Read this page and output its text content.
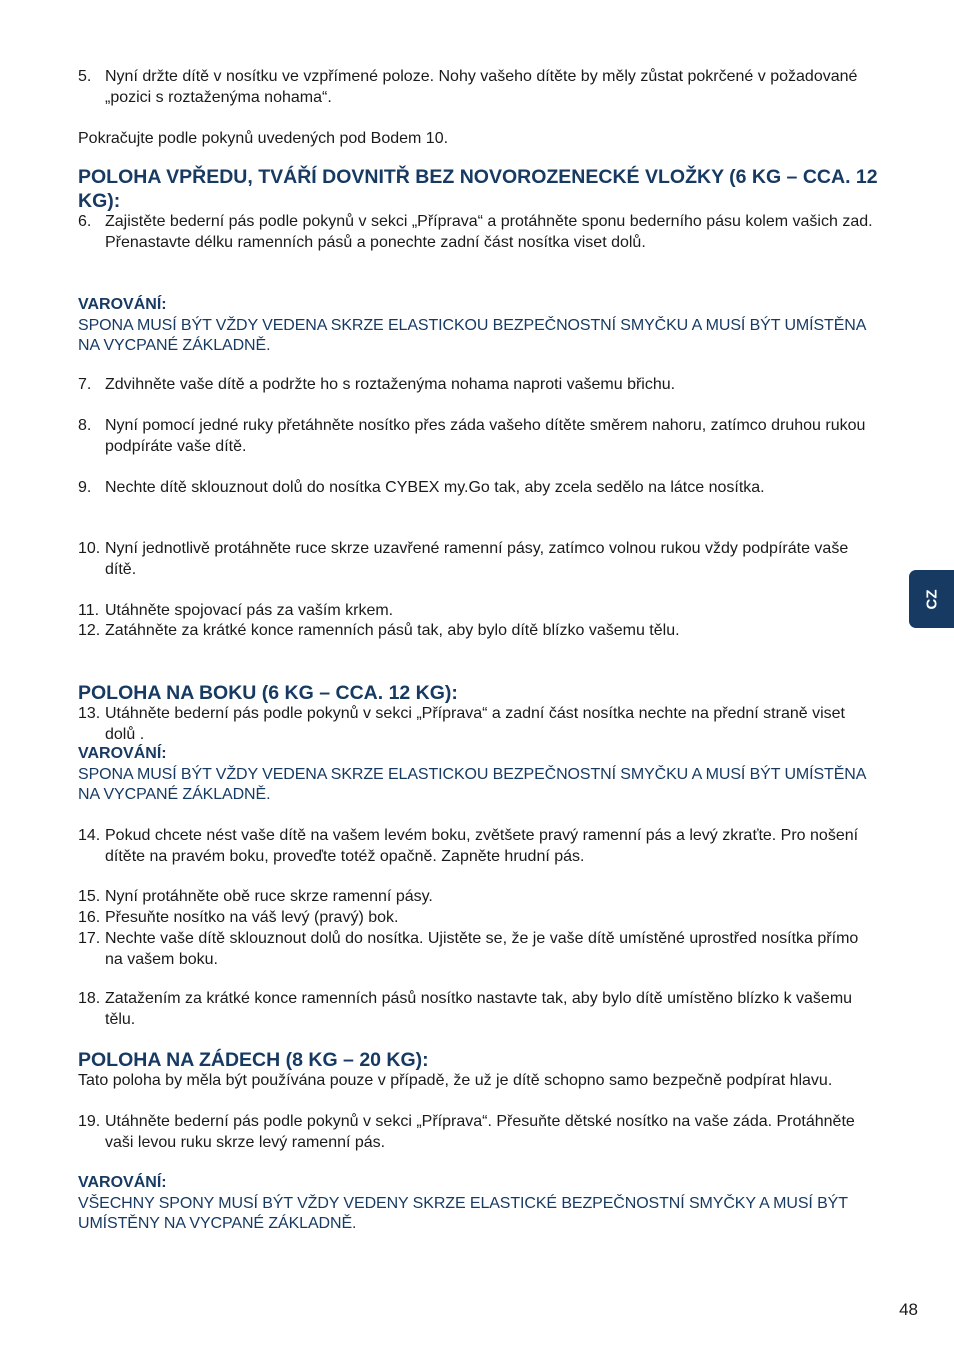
5. Nyní držte dítě v nosítku ve vzpřímené poloze. Nohy vašeho dítěte by měly zůstat pokrčené v požadované „pozici s roztaženýma nohama“.
Pokračujte podle pokynů uvedených pod Bodem 10.
POLOHA VPŘEDU, TVÁŘÍ DOVNITŘ BEZ NOVOROZENECKÉ VLOŽKY (6 KG – CCA. 12 KG):
6. Zajistěte bederní pás podle pokynů v sekci „Příprava“ a protáhněte sponu bederního pásu kolem vašich zad. Přenastavte délku ramenních pásů a ponechte zadní část nosítka viset dolů.
VAROVÁNÍ:
SPONA MUSÍ BÝT VŽDY VEDENA SKRZE ELASTICKOU BEZPEČNOSTNÍ SMYČKU A MUSÍ BÝT UMÍSTĚNA NA VYCPANÉ ZÁKLADNĚ.
7. Zdvihněte vaše dítě a podržte ho s roztaženýma nohama naproti vašemu břichu.
8. Nyní pomocí jedné ruky přetáhněte nosítko přes záda vašeho dítěte směrem nahoru, zatímco druhou rukou podpíráte vaše dítě.
9. Nechte dítě sklouznout dolů do nosítka CYBEX my.Go tak, aby zcela sedělo na látce nosítka.
10. Nyní jednotlivě protáhněte ruce skrze uzavřené ramenní pásy, zatímco volnou rukou vždy podpíráte vaše dítě.
11. Utáhněte spojovací pás za vaším krkem.
12. Zatáhněte za krátké konce ramenních pásů tak, aby bylo dítě blízko vašemu tělu.
POLOHA NA BOKU (6 KG – CCA. 12 KG):
13. Utáhněte bederní pás podle pokynů v sekci „Příprava“ a zadní část nosítka nechte na přední straně viset dolů .
VAROVÁNÍ:
SPONA MUSÍ BÝT VŽDY VEDENA SKRZE ELASTICKOU BEZPEČNOSTNÍ SMYČKU A MUSÍ BÝT UMÍSTĚNA NA VYCPANÉ ZÁKLADNĚ.
14. Pokud chcete nést vaše dítě na vašem levém boku, zvětšete pravý ramenní pás a levý zkraťte. Pro nošení dítěte na pravém boku, proveďte totéž opačně. Zapněte hrudní pás.
15. Nyní protáhněte obě ruce skrze ramenní pásy.
16. Přesuňte nosítko na váš levý (pravý) bok.
17. Nechte vaše dítě sklouznout dolů do nosítka. Ujistěte se, že je vaše dítě umístěné uprostřed nosítka přímo na vašem boku.
18. Zatažením za krátké konce ramenních pásů nosítko nastavte tak, aby bylo dítě umístěno blízko k vašemu tělu.
POLOHA NA ZÁDECH (8 KG – 20 KG):
Tato poloha by měla být používána pouze v případě, že už je dítě schopno samo bezpečně podpírat hlavu.
19. Utáhněte bederní pás podle pokynů v sekci „Příprava“. Přesuňte dětské nosítko na vaše záda. Protáhněte vaši levou ruku skrze levý ramenní pás.
VAROVÁNÍ:
VŠECHNY SPONY MUSÍ BÝT VŽDY VEDENY SKRZE ELASTICKÉ BEZPEČNOSTNÍ SMYČKY A MUSÍ BÝT UMÍSTĚNY NA VYCPANÉ ZÁKLADNĚ.
CZ
48
